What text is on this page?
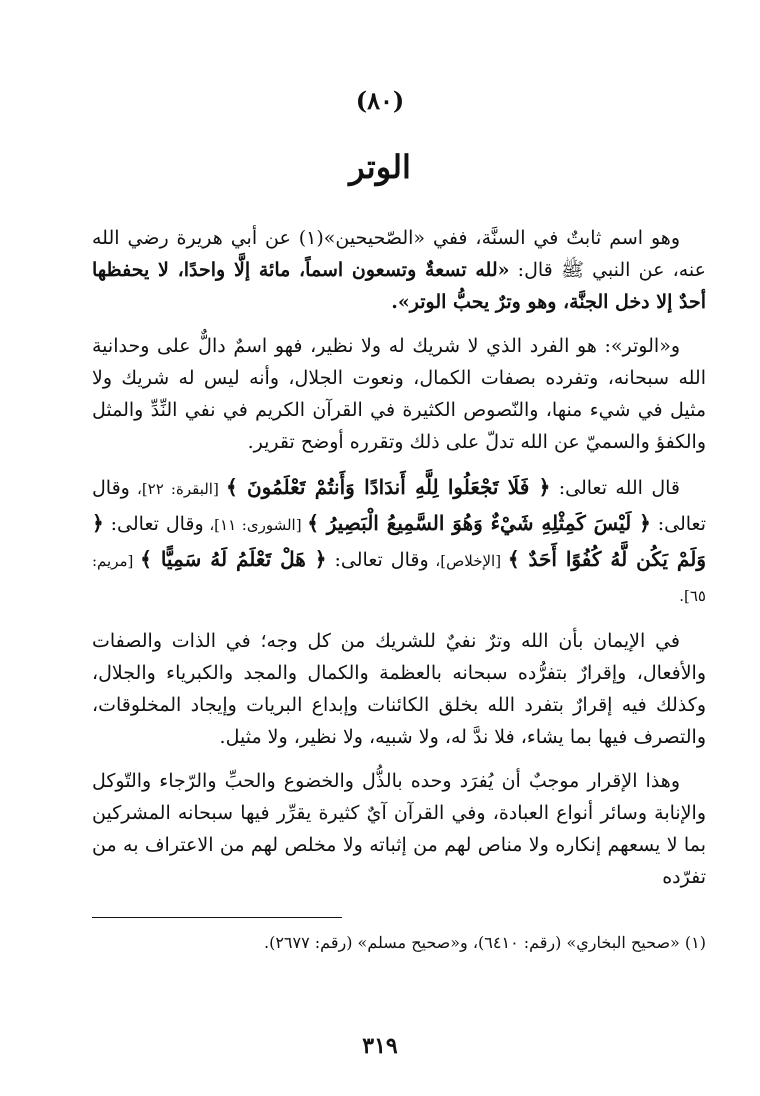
(٨٠)
الوتر

وهو اسم ثابتٌ في السنَّة، ففي «الصّحيحين»(١) عن أبي هريرة رضي الله عنه، عن النبي ﷺ قال: «لله تسعةٌ وتسعون اسماً، مائة إلَّا واحدًا، لا يحفظها أحدٌ إلا دخل الجنَّة، وهو وترٌ يحبُّ الوتر».

و«الوتر»: هو الفرد الذي لا شريك له ولا نظير، فهو اسمٌ دالٌّ على وحدانية الله سبحانه، وتفرده بصفات الكمال، ونعوت الجلال، وأنه ليس له شريك ولا مثيل في شيء منها، والنّصوص الكثيرة في القرآن الكريم في نفي النِّدِّ والمثل والكفؤ والسميّ عن الله تدلّ على ذلك وتقرره أوضح تقرير.

قال الله تعالى: ﴿ فَلَا تَجْعَلُوا لِلَّهِ أَندَادًا وَأَنتُمْ تَعْلَمُونَ ﴾ [البقرة: ٢٢]، وقال تعالى: ﴿ لَيْسَ كَمِثْلِهِ شَيْءٌ وَهُوَ السَّمِيعُ الْبَصِيرُ ﴾ [الشورى: ١١]، وقال تعالى: ﴿ وَلَمْ يَكُن لَّهُ كُفُوًا أَحَدٌ ﴾ [الإخلاص]، وقال تعالى: ﴿ هَلْ تَعْلَمُ لَهُ سَمِيًّا ﴾ [مريم: ٦٥].

في الإيمان بأن الله وترٌ نفيٌ للشريك من كل وجه؛ في الذات والصفات والأفعال، وإقرارٌ بتفرُّده سبحانه بالعظمة والكمال والمجد والكبرياء والجلال، وكذلك فيه إقرارٌ بتفرد الله بخلق الكائنات وإبداع البريات وإيجاد المخلوقات، والتصرف فيها بما يشاء، فلا ندَّ له، ولا شبيه، ولا نظير، ولا مثيل.

وهذا الإقرار موجبٌ أن يُفرَد وحده بالذُّل والخضوع والحبِّ والرّجاء والتّوكل والإنابة وسائر أنواع العبادة، وفي القرآن آيٌ كثيرة يقرِّر فيها سبحانه المشركين بما لا يسعهم إنكاره ولا مناص لهم من إثباته ولا مخلص لهم من الاعتراف به من تفرّده

(١) «صحيح البخاري» (رقم: ٦٤١٠)، و«صحيح مسلم» (رقم: ٢٦٧٧).
٣١٩
